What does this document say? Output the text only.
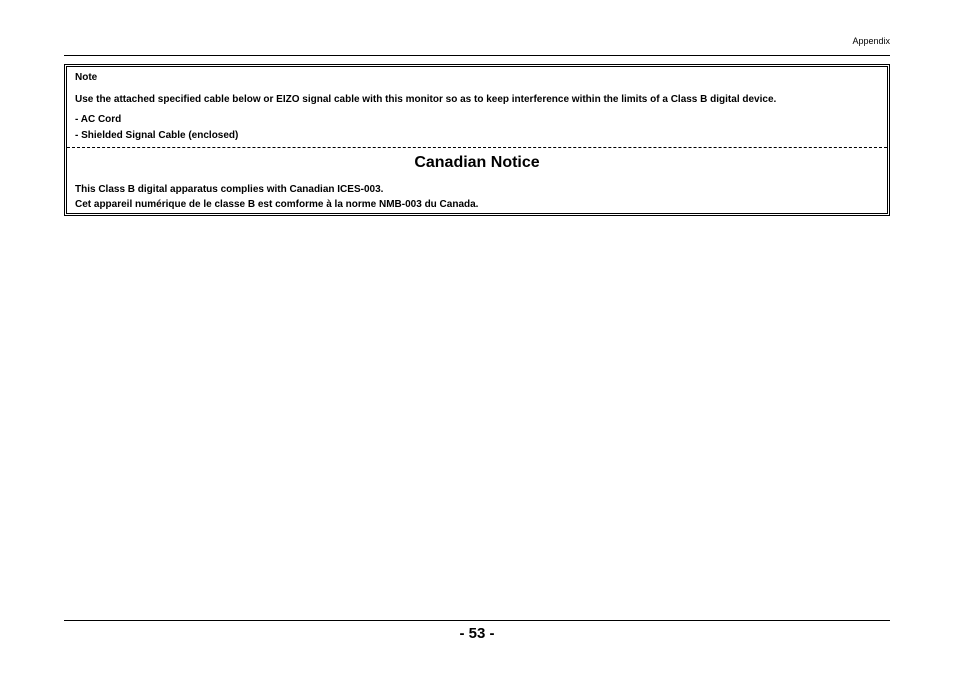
Appendix
Note
Use the attached specified cable below or EIZO signal cable with this monitor so as to keep interference within the limits of a Class B digital device.
- AC Cord
- Shielded Signal Cable (enclosed)
Canadian Notice
This Class B digital apparatus complies with Canadian ICES-003.
Cet appareil numérique de le classe B est comforme à la norme NMB-003 du Canada.
- 53 -
